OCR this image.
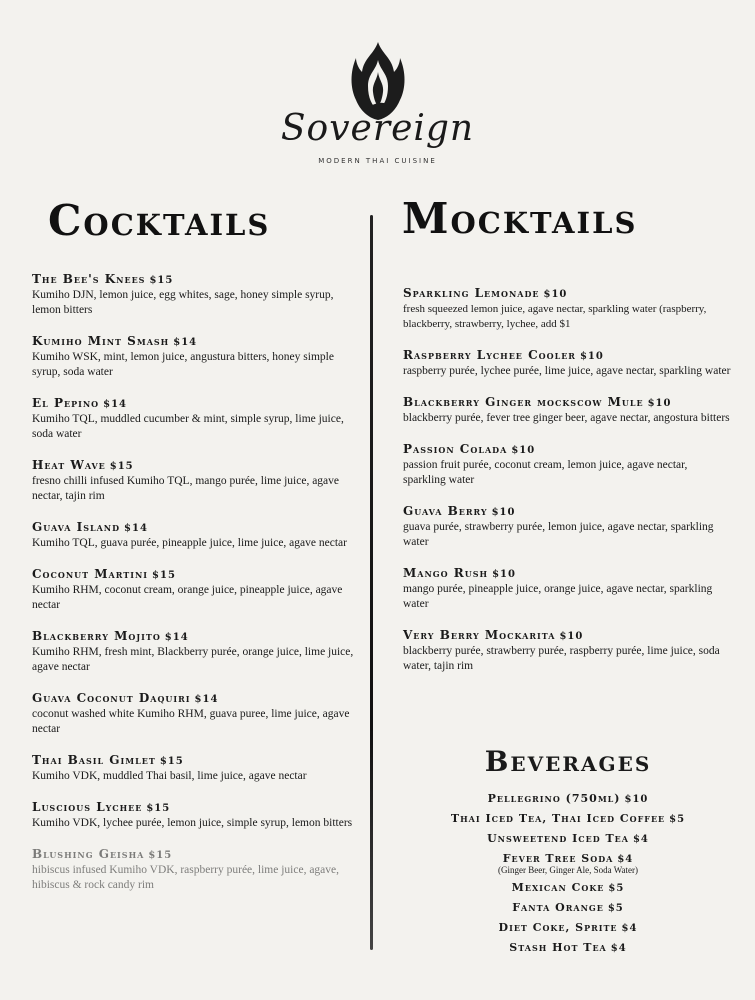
Sovereign
MODERN THAI CUISINE
Cocktails	Mocktails
The Bee's Knees $15
Kumiho DJN, lemon juice, egg whites, sage, honey simple syrup, lemon bitters
Kumiho Mint Smash $14
Kumiho WSK, mint, lemon juice, angustura bitters, honey simple syrup, soda water
El Pepino $14
Kumiho TQL, muddled cucumber & mint, simple syrup, lime juice, soda water
Heat Wave $15
fresno chilli infused Kumiho TQL, mango purée, lime juice, agave nectar, tajin rim
Guava Island $14
Kumiho TQL, guava purée, pineapple juice, lime juice, agave nectar
Coconut Martini $15
Kumiho RHM, coconut cream, orange juice, pineapple juice, agave nectar
Blackberry Mojito $14
Kumiho RHM, fresh mint, Blackberry purée, orange juice, lime juice, agave nectar
Guava Coconut Daquiri $14
coconut washed white Kumiho RHM, guava puree, lime juice, agave nectar
Thai Basil Gimlet $15
Kumiho VDK, muddled Thai basil, lime juice, agave nectar
Luscious Lychee $15
Kumiho VDK, lychee purée, lemon juice, simple syrup, lemon bitters
Blushing Geisha $15
hibiscus infused Kumiho VDK, raspberry purée, lime juice, agave, hibiscus & rock candy rim
Sparkling Lemonade $10
fresh squeezed lemon juice, agave nectar, sparkling water (raspberry, blackberry, strawberry, lychee, add $1
Raspberry Lychee Cooler $10
raspberry purée, lychee purée, lime juice, agave nectar, sparkling water
Blackberry Ginger mockscow Mule $10
blackberry purée, fever tree ginger beer, agave nectar, angostura bitters
Passion Colada $10
passion fruit purée, coconut cream, lemon juice, agave nectar, sparkling water
Guava Berry $10
guava purée, strawberry purée, lemon juice, agave nectar, sparkling water
Mango Rush $10
mango purée, pineapple juice, orange juice, agave nectar, sparkling water
Very Berry Mockarita $10
blackberry purée, strawberry purée, raspberry purée, lime juice, soda water, tajin rim
Beverages
Pellegrino (750ml) $10
Thai Iced Tea, Thai Iced Coffee $5
Unsweetend Iced Tea $4
Fever Tree Soda $4
(Ginger Beer, Ginger Ale, Soda Water)
Mexican Coke $5
Fanta Orange $5
Diet Coke, Sprite $4
Stash Hot Tea $4
